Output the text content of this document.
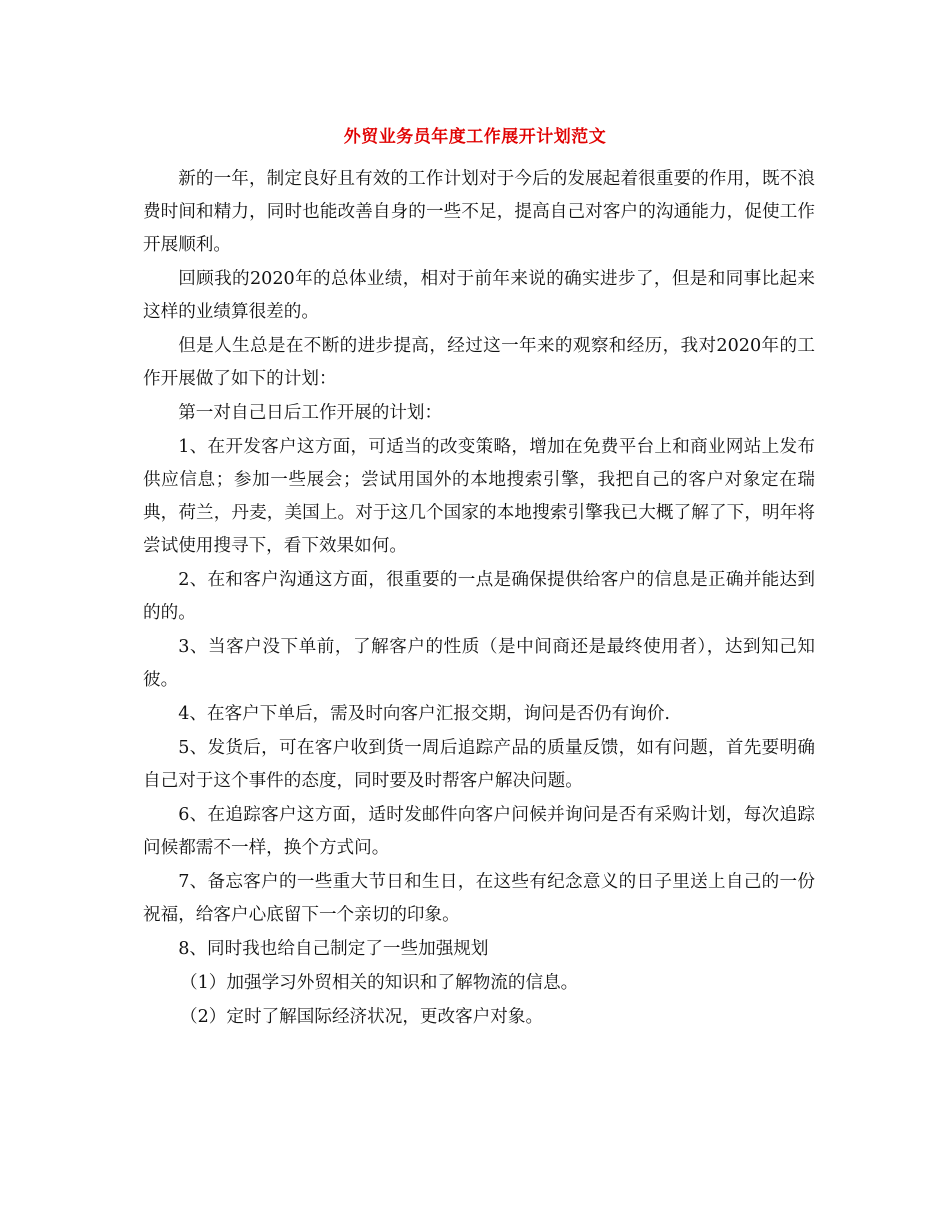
外贸业务员年度工作展开计划范文

新的一年，制定良好且有效的工作计划对于今后的发展起着很重要的作用，既不浪费时间和精力，同时也能改善自身的一些不足，提高自己对客户的沟通能力，促使工作开展顺利。

回顾我的2020年的总体业绩，相对于前年来说的确实进步了，但是和同事比起来这样的业绩算很差的。

但是人生总是在不断的进步提高，经过这一年来的观察和经历，我对2020年的工作开展做了如下的计划：

第一对自己日后工作开展的计划：

1、在开发客户这方面，可适当的改变策略，增加在免费平台上和商业网站上发布供应信息；参加一些展会；尝试用国外的本地搜索引擎，我把自己的客户对象定在瑞典，荷兰，丹麦，美国上。对于这几个国家的本地搜索引擎我已大概了解了下，明年将尝试使用搜寻下，看下效果如何。

2、在和客户沟通这方面，很重要的一点是确保提供给客户的信息是正确并能达到的的。

3、当客户没下单前，了解客户的性质（是中间商还是最终使用者），达到知己知彼。

4、在客户下单后，需及时向客户汇报交期，询问是否仍有询价.

5、发货后，可在客户收到货一周后追踪产品的质量反馈，如有问题，首先要明确自己对于这个事件的态度，同时要及时帮客户解决问题。

6、在追踪客户这方面，适时发邮件向客户问候并询问是否有采购计划，每次追踪问候都需不一样，换个方式问。

7、备忘客户的一些重大节日和生日，在这些有纪念意义的日子里送上自己的一份祝福，给客户心底留下一个亲切的印象。

8、同时我也给自己制定了一些加强规划

（1）加强学习外贸相关的知识和了解物流的信息。

（2）定时了解国际经济状况，更改客户对象。
